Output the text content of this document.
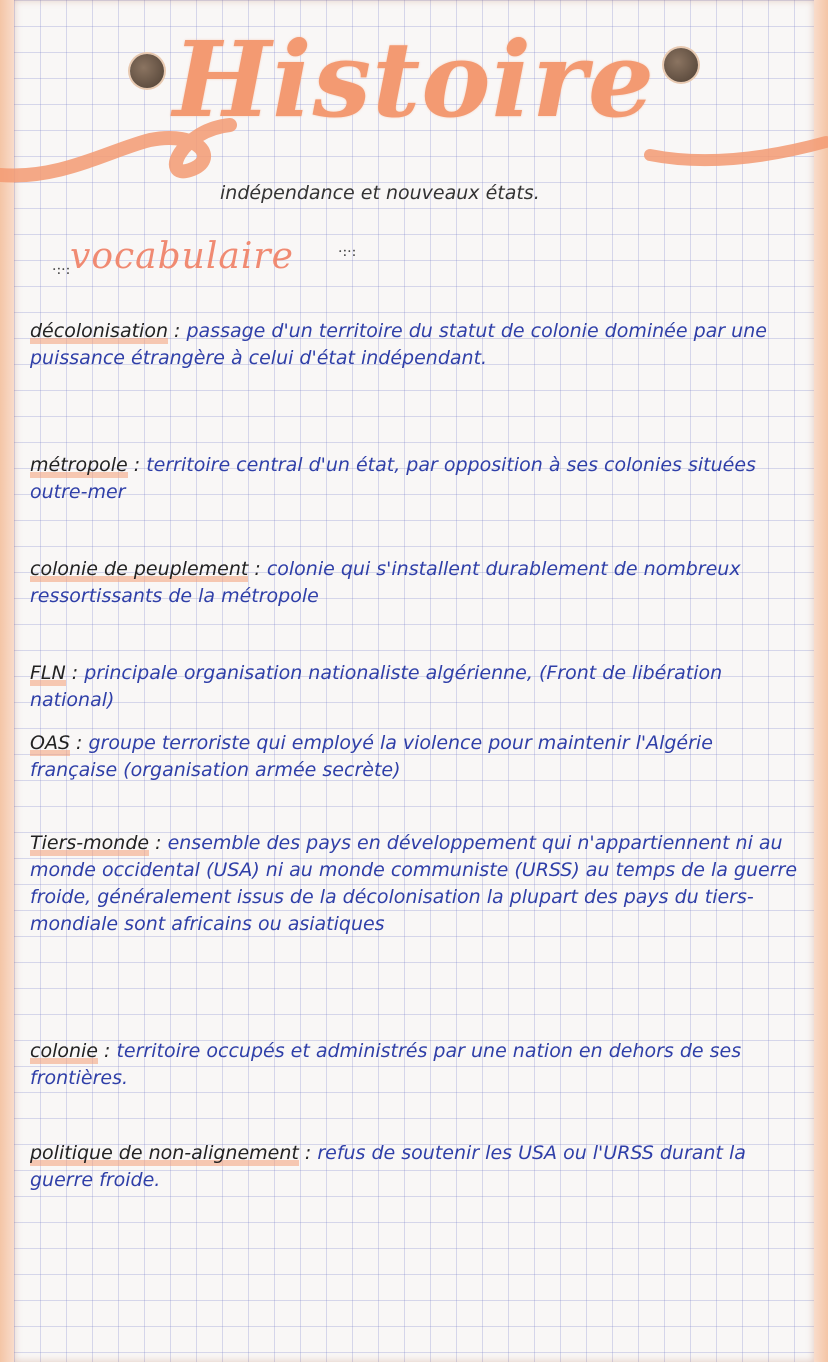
Histoire
indépendance et nouveaux états.
·:·: vocabulaire	·:·:
décolonisation : passage d'un territoire du statut de colonie dominée par une puissance étrangère à celui d'état indépendant.
métropole : territoire central d'un état, par opposition à ses colonies situées outre-mer
colonie de peuplement : colonie qui s'installent durablement de nombreux ressortissants de la métropole
FLN : principale organisation nationaliste algérienne, (Front de libération national)
OAS : groupe terroriste qui employé la violence pour maintenir l'Algérie française (organisation armée secrète)
Tiers-monde : ensemble des pays en développement qui n'appartiennent ni au monde occidental (USA) ni au monde communiste (URSS) au temps de la guerre froide, généralement issus de la décolonisation la plupart des pays du tiers-mondiale sont africains ou asiatiques
colonie : territoire occupés et administrés par une nation en dehors de ses frontières.
politique de non-alignement : refus de soutenir les USA ou l'URSS durant la guerre froide.
